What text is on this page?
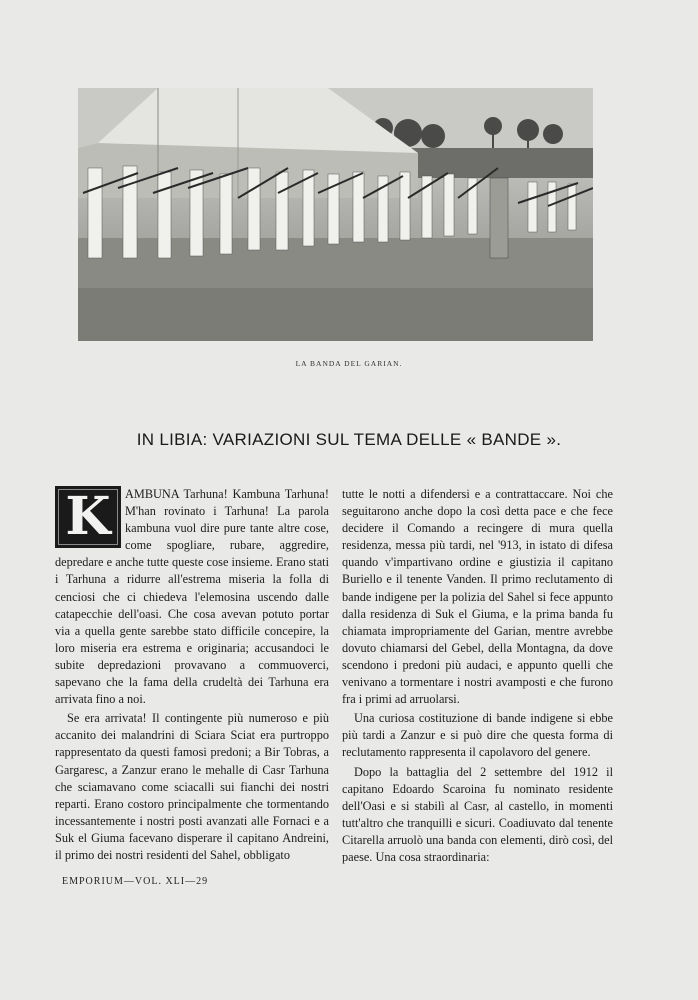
LA BANDA DEL GARIAN.
IN LIBIA: VARIAZIONI SUL TEMA DELLE « BANDE ».
K	AMBUNA Tarhuna! Kambuna Tarhuna! M'han rovinato i Tarhuna! La parola kambuna vuol dire pure tante altre cose, come spogliare, rubare, aggredire, depredare e anche tutte queste cose insieme. Erano stati i Tarhuna a ridurre all'estrema miseria la folla di cenciosi che ci chiedeva l'elemosina uscendo dalle catapecchie dell'oasi. Che cosa avevan potuto portar via a quella gente sarebbe stato difficile concepire, la loro miseria era estrema e originaria; accusandoci le subite depredazioni provavano a commuoverci, sapevano che la fama della crudeltà dei Tarhuna era arrivata fino a noi.

Se era arrivata! Il contingente più numeroso e più accanito dei malandrini di Sciara Sciat era purtroppo rappresentato da questi famosi predoni; a Bir Tobras, a Gargaresc, a Zanzur erano le mehalle di Casr Tarhuna che sciamavano come sciacalli sui fianchi dei nostri reparti. Erano costoro principalmente che tormentando incessantemente i nostri posti avanzati alle Fornaci e a Suk el Giuma facevano disperare il capitano Andreini, il primo dei nostri residenti del Sahel, obbligato

tutte le notti a difendersi e a contrattaccare. Noi che seguitarono anche dopo la così detta pace e che fece decidere il Comando a recingere di mura quella residenza, messa più tardi, nel '913, in istato di difesa quando v'impartivano ordine e giustizia il capitano Buriello e il tenente Vanden. Il primo reclutamento di bande indigene per la polizia del Sahel si fece appunto dalla residenza di Suk el Giuma, e la prima banda fu chiamata impropriamente del Garian, mentre avrebbe dovuto chiamarsi del Gebel, della Montagna, da dove scendono i predoni più audaci, e appunto quelli che venivano a tormentare i nostri avamposti e che furono fra i primi ad arruolarsi.

Una curiosa costituzione di bande indigene si ebbe più tardi a Zanzur e si può dire che questa forma di reclutamento rappresenta il capolavoro del genere.

Dopo la battaglia del 2 settembre del 1912 il capitano Edoardo Scaroina fu nominato residente dell'Oasi e si stabilì al Casr, al castello, in momenti tutt'altro che tranquilli e sicuri. Coadiuvato dal tenente Citarella arruolò una banda con elementi, dirò così, del paese. Una cosa straordinaria:

EMPORIUM—VOL. XLI—29
